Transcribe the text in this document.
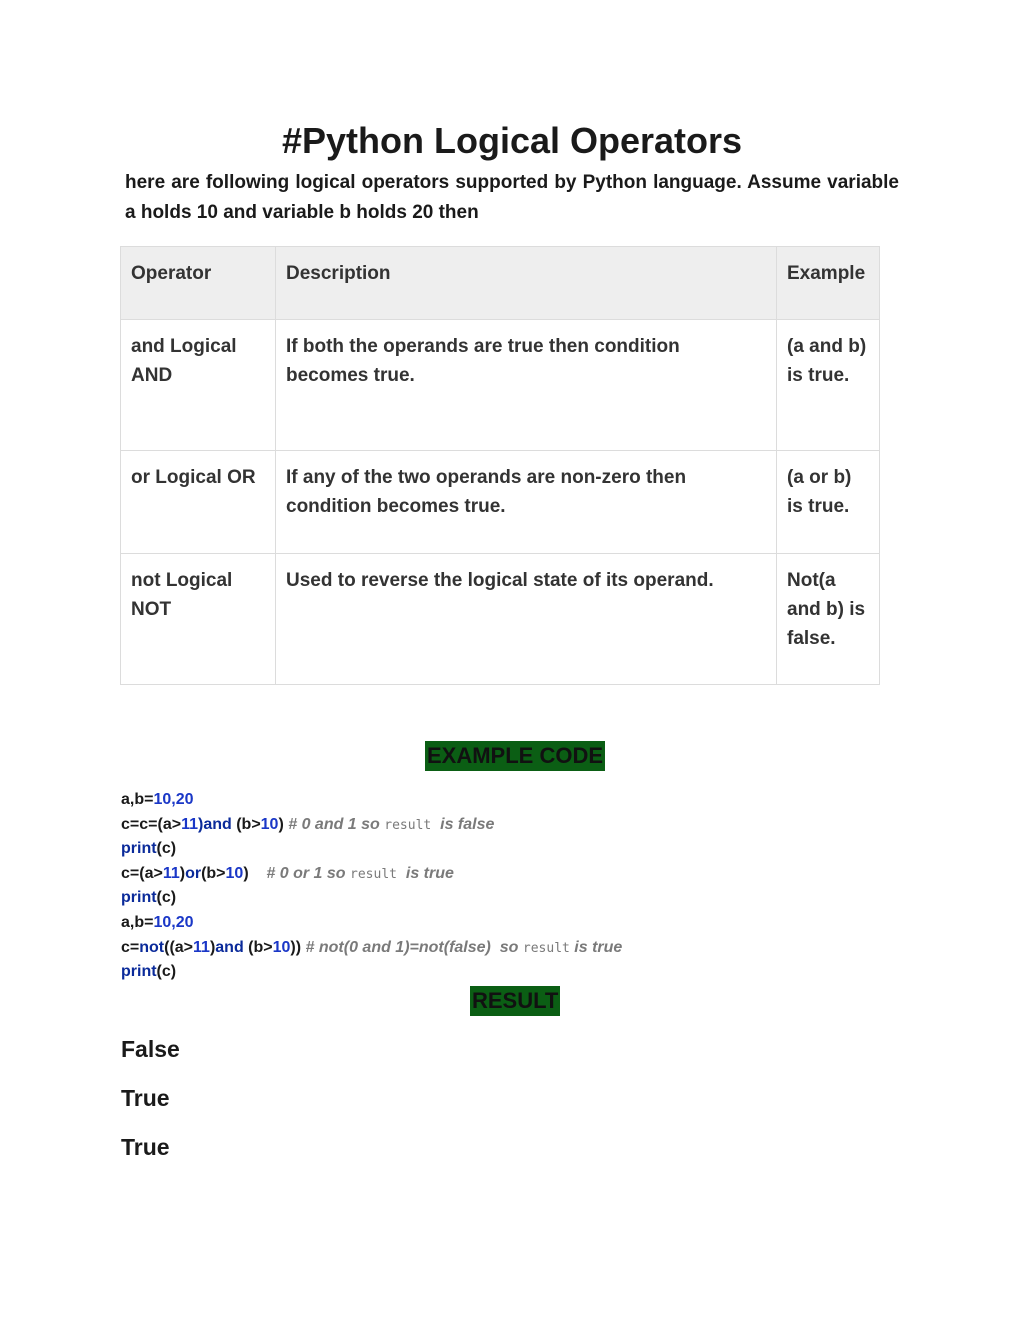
#Python Logical Operators

here are following logical operators supported by Python language. Assume variable a holds 10 and variable b holds 20 then

Operator	Description	Example
and Logical AND	If both the operands are true then condition becomes true.	(a and b) is true.
or Logical OR	If any of the two operands are non-zero then condition becomes true.	(a or b) is true.
not Logical NOT	Used to reverse the logical state of its operand.	Not(a and b) is false.
EXAMPLE CODE
a,b=10,20
c=c=(a>11)and (b>10) # 0 and 1 so result  is false
print(c)
c=(a>11)or(b>10)    # 0 or 1 so result  is true
print(c)
a,b=10,20
c=not((a>11)and (b>10)) # not(0 and 1)=not(false)  so result is true
print(c)
RESULT
False
True
True
